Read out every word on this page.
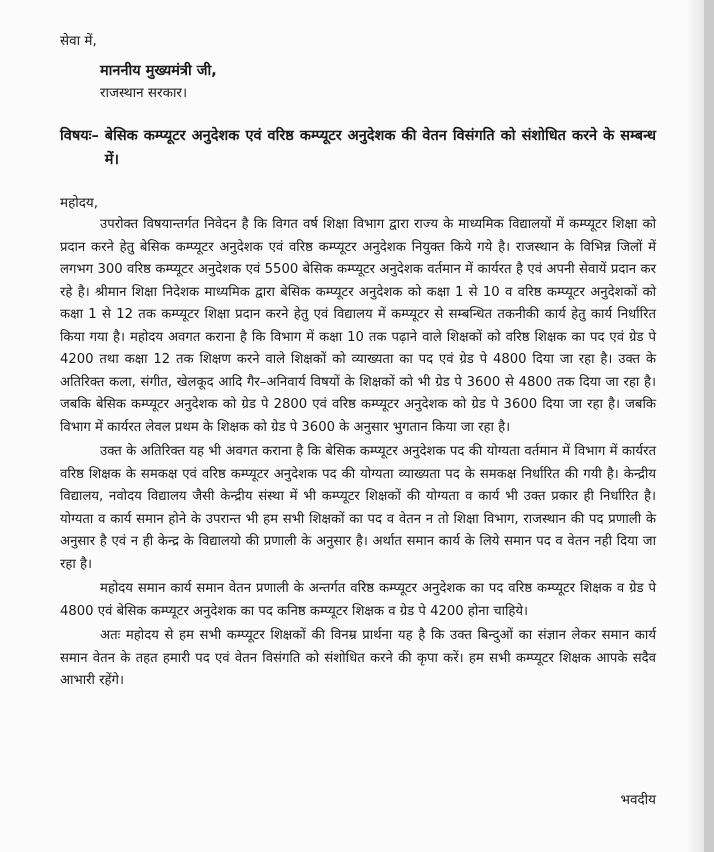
सेवा में,
माननीय मुख्यमंत्री जी,
राजस्थान सरकार।
विषयः– बेसिक कम्प्यूटर अनुदेशक एवं वरिष्ठ कम्प्यूटर अनुदेशक की वेतन विसंगति को संशोधित करने के सम्बन्ध में।
महोदय,

उपरोक्त विषयान्तर्गत निवेदन है कि विगत वर्ष शिक्षा विभाग द्वारा राज्य के माध्यमिक विद्यालयों में कम्प्यूटर शिक्षा को प्रदान करने हेतु बेसिक कम्प्यूटर अनुदेशक एवं वरिष्ठ कम्प्यूटर अनुदेशक नियुक्त किये गये है। राजस्थान के विभिन्न जिलों में लगभग 300 वरिष्ठ कम्प्यूटर अनुदेशक एवं 5500 बेसिक कम्प्यूटर अनुदेशक वर्तमान में कार्यरत है एवं अपनी सेवायें प्रदान कर रहे है। श्रीमान शिक्षा निदेशक माध्यमिक द्वारा बेसिक कम्प्यूटर अनुदेशक को कक्षा 1 से 10 व वरिष्ठ कम्प्यूटर अनुदेशकों को कक्षा 1 से 12 तक कम्प्यूटर शिक्षा प्रदान करने हेतु एवं विद्यालय में कम्प्यूटर से सम्बन्धित तकनीकी कार्य हेतु कार्य निर्धारित किया गया है। महोदय अवगत कराना है कि विभाग में कक्षा 10 तक पढ़ाने वाले शिक्षकों को वरिष्ठ शिक्षक का पद एवं ग्रेड पे 4200 तथा कक्षा 12 तक शिक्षण करने वाले शिक्षकों को व्याख्यता का पद एवं ग्रेड पे 4800 दिया जा रहा है। उक्त के अतिरिक्त कला, संगीत, खेलकूद आदि गैर–अनिवार्य विषयों के शिक्षकों को भी ग्रेड पे 3600 से 4800 तक दिया जा रहा है। जबकि बेसिक कम्प्यूटर अनुदेशक को ग्रेड पे 2800 एवं वरिष्ठ कम्प्यूटर अनुदेशक को ग्रेड पे 3600 दिया जा रहा है। जबकि विभाग में कार्यरत लेवल प्रथम के शिक्षक को ग्रेड पे 3600 के अनुसार भुगतान किया जा रहा है।

उक्त के अतिरिक्त यह भी अवगत कराना है कि बेसिक कम्प्यूटर अनुदेशक पद की योग्यता वर्तमान में विभाग में कार्यरत वरिष्ठ शिक्षक के समकक्ष एवं वरिष्ठ कम्प्यूटर अनुदेशक पद की योग्यता व्याख्यता पद के समकक्ष निर्धारित की गयी है। केन्द्रीय विद्यालय, नवोदय विद्यालय जैसी केन्द्रीय संस्था में भी कम्प्यूटर शिक्षकों की योग्यता व कार्य भी उक्त प्रकार ही निर्धारित है। योग्यता व कार्य समान होने के उपरान्त भी हम सभी शिक्षकों का पद व वेतन न तो शिक्षा विभाग, राजस्थान की पद प्रणाली के अनुसार है एवं न ही केन्द्र के विद्यालयो की प्रणाली के अनुसार है। अर्थात समान कार्य के लिये समान पद व वेतन नही दिया जा रहा है।

महोदय समान कार्य समान वेतन प्रणाली के अन्तर्गत वरिष्ठ कम्प्यूटर अनुदेशक का पद वरिष्ठ कम्प्यूटर शिक्षक व ग्रेड पे 4800 एवं बेसिक कम्प्यूटर अनुदेशक का पद कनिष्ठ कम्प्यूटर शिक्षक व ग्रेड पे 4200 होना चाहिये।

अतः महोदय से हम सभी कम्प्यूटर शिक्षकों की विनम्र प्रार्थना यह है कि उक्त बिन्दुओं का संज्ञान लेकर समान कार्य समान वेतन के तहत हमारी पद एवं वेतन विसंगति को संशोधित करने की कृपा करें। हम सभी कम्प्यूटर शिक्षक आपके सदैव आभारी रहेंगे।

भवदीय
